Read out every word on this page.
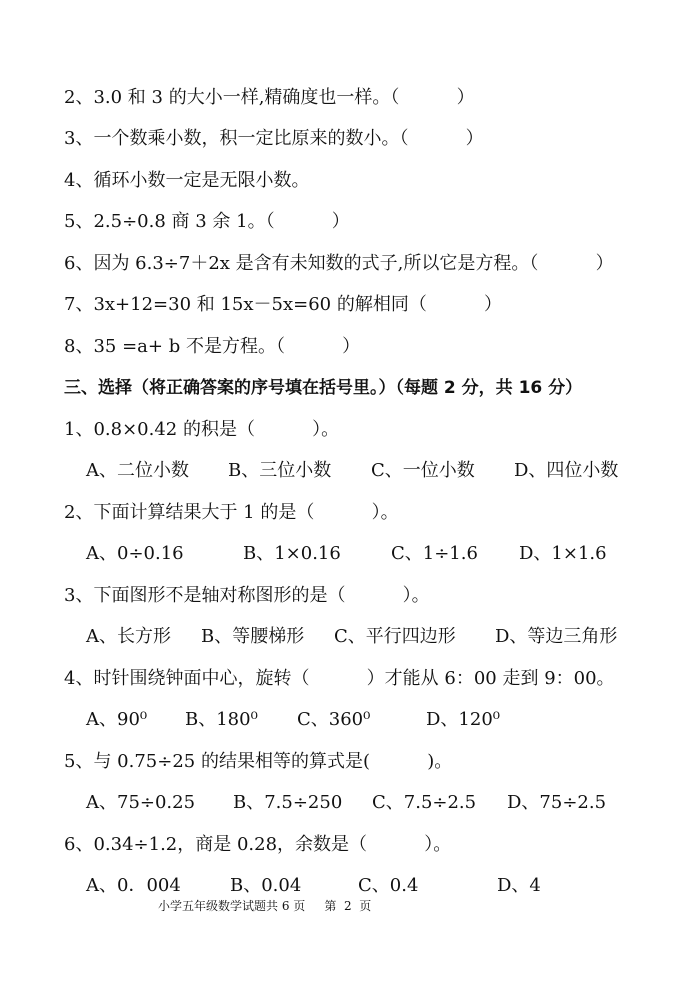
2、3.0 和 3 的大小一样,精确度也一样。（          ）
3、一个数乘小数，积一定比原来的数小。（          ）
4、循环小数一定是无限小数。
5、2.5÷0.8 商 3 余 1。（          ）
6、因为 6.3÷7＋2x 是含有未知数的式子,所以它是方程。（          ）
7、3x+12=30 和 15x－5x=60 的解相同（          ）
8、35 =a+ b 不是方程。（          ）
三、选择（将正确答案的序号填在括号里。）（每题 2 分，共 16 分）
1、0.8×0.42 的积是（          ）。
A、二位小数 B、三位小数 C、一位小数 D、四位小数
2、下面计算结果大于 1 的是（          ）。
A、0÷0.16	B、1×0.16	C、1÷1.6 D、1×1.6
3、下面图形不是轴对称图形的是（          ）。
A、长方形 B、等腰梯形 C、平行四边形 D、等边三角形
4、时针围绕钟面中心，旋转（          ）才能从 6：00 走到 9：00。
A、90⁰ B、180⁰ C、360⁰	D、120⁰
5、与 0.75÷25 的结果相等的算式是(          )。
A、75÷0.25 B、7.5÷250 C、7.5÷2.5 D、75÷2.5
6、0.34÷1.2，商是 0.28，余数是（          ）。
A、0．004	B、0.04	C、0.4	D、4
小学五年级数学试题共 6 页     第  2  页
